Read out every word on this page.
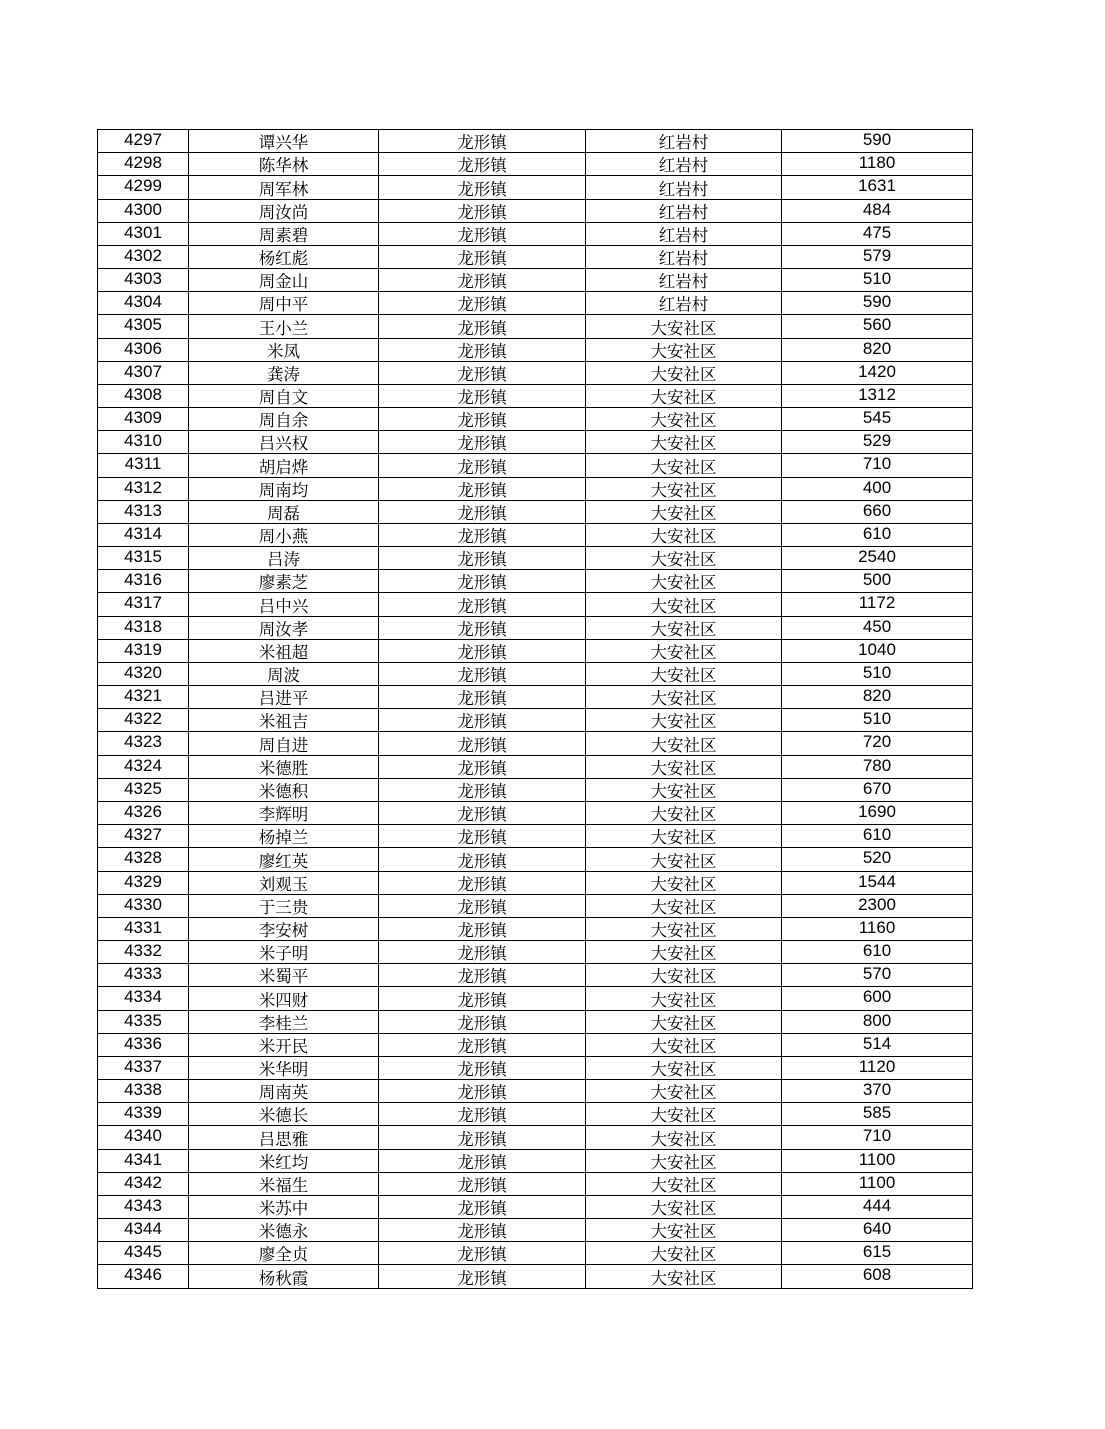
4297	谭兴华	龙形镇	红岩村	590
4298	陈华林	龙形镇	红岩村	1180
4299	周军林	龙形镇	红岩村	1631
4300	周汝尚	龙形镇	红岩村	484
4301	周素碧	龙形镇	红岩村	475
4302	杨红彪	龙形镇	红岩村	579
4303	周金山	龙形镇	红岩村	510
4304	周中平	龙形镇	红岩村	590
4305	王小兰	龙形镇	大安社区	560
4306	米凤	龙形镇	大安社区	820
4307	龚涛	龙形镇	大安社区	1420
4308	周自文	龙形镇	大安社区	1312
4309	周自余	龙形镇	大安社区	545
4310	吕兴权	龙形镇	大安社区	529
4311	胡启烨	龙形镇	大安社区	710
4312	周南均	龙形镇	大安社区	400
4313	周磊	龙形镇	大安社区	660
4314	周小燕	龙形镇	大安社区	610
4315	吕涛	龙形镇	大安社区	2540
4316	廖素芝	龙形镇	大安社区	500
4317	吕中兴	龙形镇	大安社区	1172
4318	周汝孝	龙形镇	大安社区	450
4319	米祖超	龙形镇	大安社区	1040
4320	周波	龙形镇	大安社区	510
4321	吕进平	龙形镇	大安社区	820
4322	米祖吉	龙形镇	大安社区	510
4323	周自进	龙形镇	大安社区	720
4324	米德胜	龙形镇	大安社区	780
4325	米德积	龙形镇	大安社区	670
4326	李辉明	龙形镇	大安社区	1690
4327	杨掉兰	龙形镇	大安社区	610
4328	廖红英	龙形镇	大安社区	520
4329	刘观玉	龙形镇	大安社区	1544
4330	于三贵	龙形镇	大安社区	2300
4331	李安树	龙形镇	大安社区	1160
4332	米子明	龙形镇	大安社区	610
4333	米蜀平	龙形镇	大安社区	570
4334	米四财	龙形镇	大安社区	600
4335	李桂兰	龙形镇	大安社区	800
4336	米开民	龙形镇	大安社区	514
4337	米华明	龙形镇	大安社区	1120
4338	周南英	龙形镇	大安社区	370
4339	米德长	龙形镇	大安社区	585
4340	吕思雅	龙形镇	大安社区	710
4341	米红均	龙形镇	大安社区	1100
4342	米福生	龙形镇	大安社区	1100
4343	米苏中	龙形镇	大安社区	444
4344	米德永	龙形镇	大安社区	640
4345	廖全贞	龙形镇	大安社区	615
4346	杨秋霞	龙形镇	大安社区	608
